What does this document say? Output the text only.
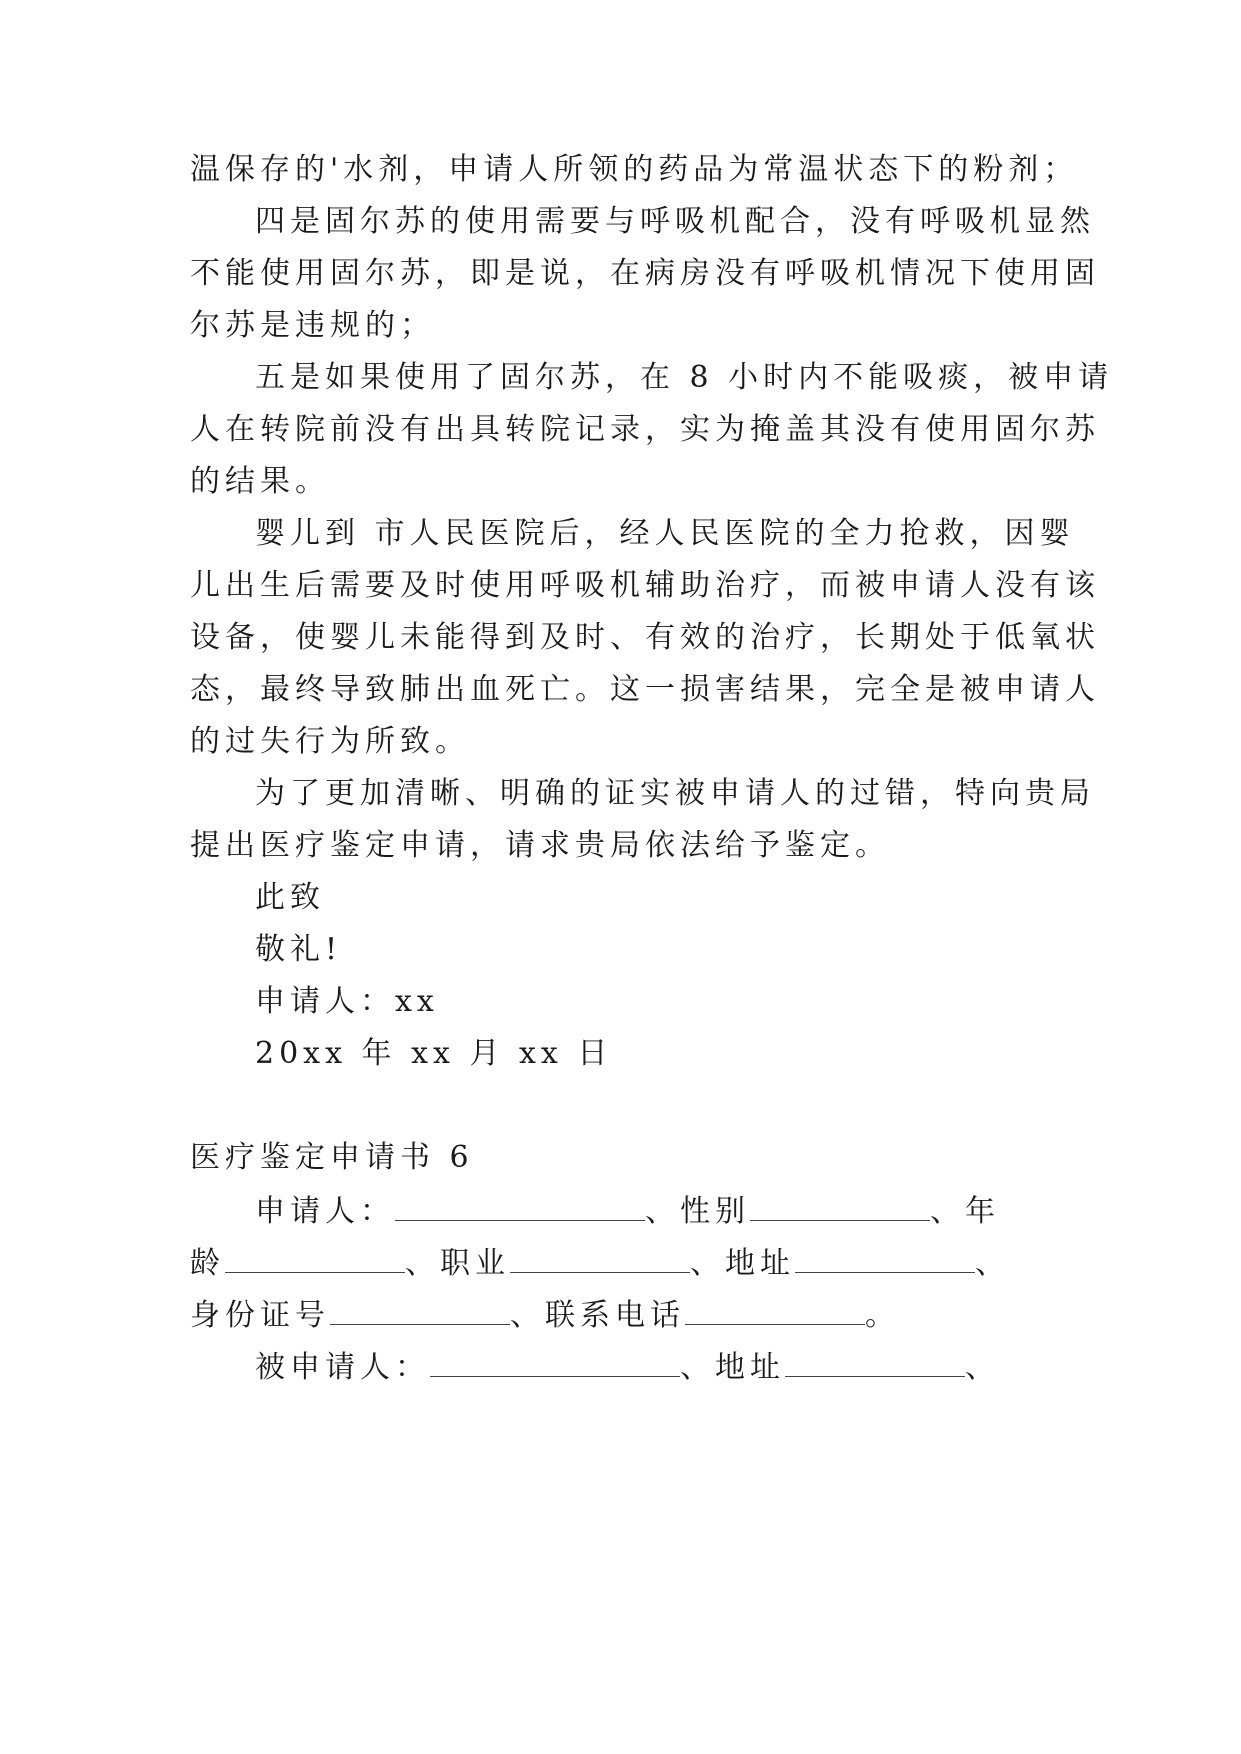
温保存的'水剂，申请人所领的药品为常温状态下的粉剂；
四是固尔苏的使用需要与呼吸机配合，没有呼吸机显然
不能使用固尔苏，即是说，在病房没有呼吸机情况下使用固
尔苏是违规的；
五是如果使用了固尔苏，在 8 小时内不能吸痰，被申请
人在转院前没有出具转院记录，实为掩盖其没有使用固尔苏
的结果。
婴儿到 市人民医院后，经人民医院的全力抢救，因婴
儿出生后需要及时使用呼吸机辅助治疗，而被申请人没有该
设备，使婴儿未能得到及时、有效的治疗，长期处于低氧状
态，最终导致肺出血死亡。这一损害结果，完全是被申请人
的过失行为所致。
为了更加清晰、明确的证实被申请人的过错，特向贵局
提出医疗鉴定申请，请求贵局依法给予鉴定。
此致
敬礼!
申请人：xx
20xx 年 xx 月 xx 日
医疗鉴定申请书 6
申请人：	、性别	、年
龄	、职业	、地址	、
身份证号	、联系电话	。
被申请人：	、地址	、
